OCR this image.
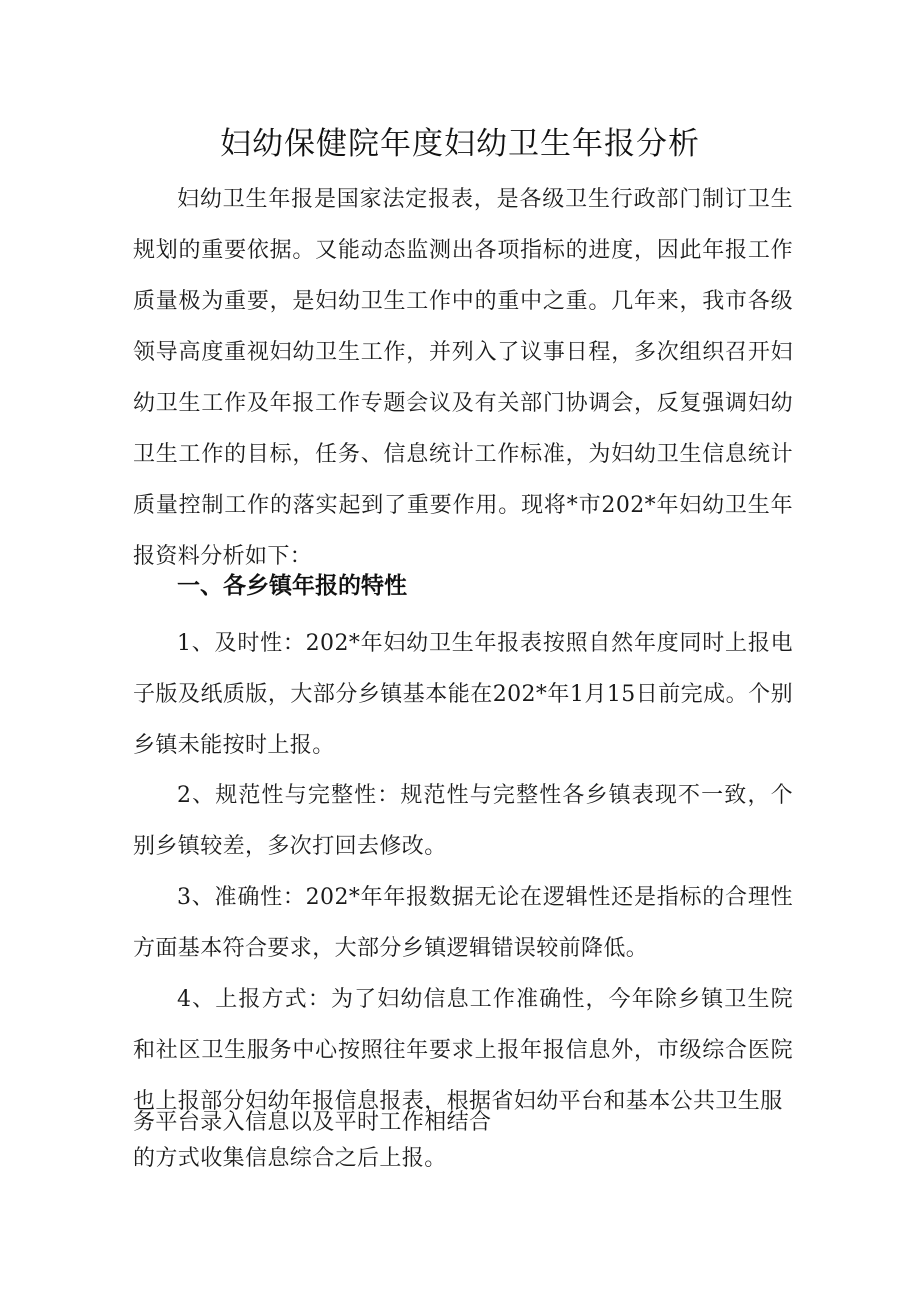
妇幼保健院年度妇幼卫生年报分析
妇幼卫生年报是国家法定报表，是各级卫生行政部门制订卫生规划的重要依据。又能动态监测出各项指标的进度，因此年报工作质量极为重要，是妇幼卫生工作中的重中之重。几年来，我市各级领导高度重视妇幼卫生工作，并列入了议事日程，多次组织召开妇幼卫生工作及年报工作专题会议及有关部门协调会，反复强调妇幼卫生工作的目标，任务、信息统计工作标准，为妇幼卫生信息统计质量控制工作的落实起到了重要作用。现将*市202*年妇幼卫生年报资料分析如下：
一、各乡镇年报的特性
1、及时性：202*年妇幼卫生年报表按照自然年度同时上报电子版及纸质版，大部分乡镇基本能在202*年1月15日前完成。个别乡镇未能按时上报。
2、规范性与完整性：规范性与完整性各乡镇表现不一致，个别乡镇较差，多次打回去修改。
3、准确性：202*年年报数据无论在逻辑性还是指标的合理性方面基本符合要求，大部分乡镇逻辑错误较前降低。
4、上报方式：为了妇幼信息工作准确性，今年除乡镇卫生院和社区卫生服务中心按照往年要求上报年报信息外，市级综合医院也上报部分妇幼年报信息报表，根据省妇幼平台和基本公共卫生服
务平台录入信息以及平时工作相结合
的方式收集信息综合之后上报。
